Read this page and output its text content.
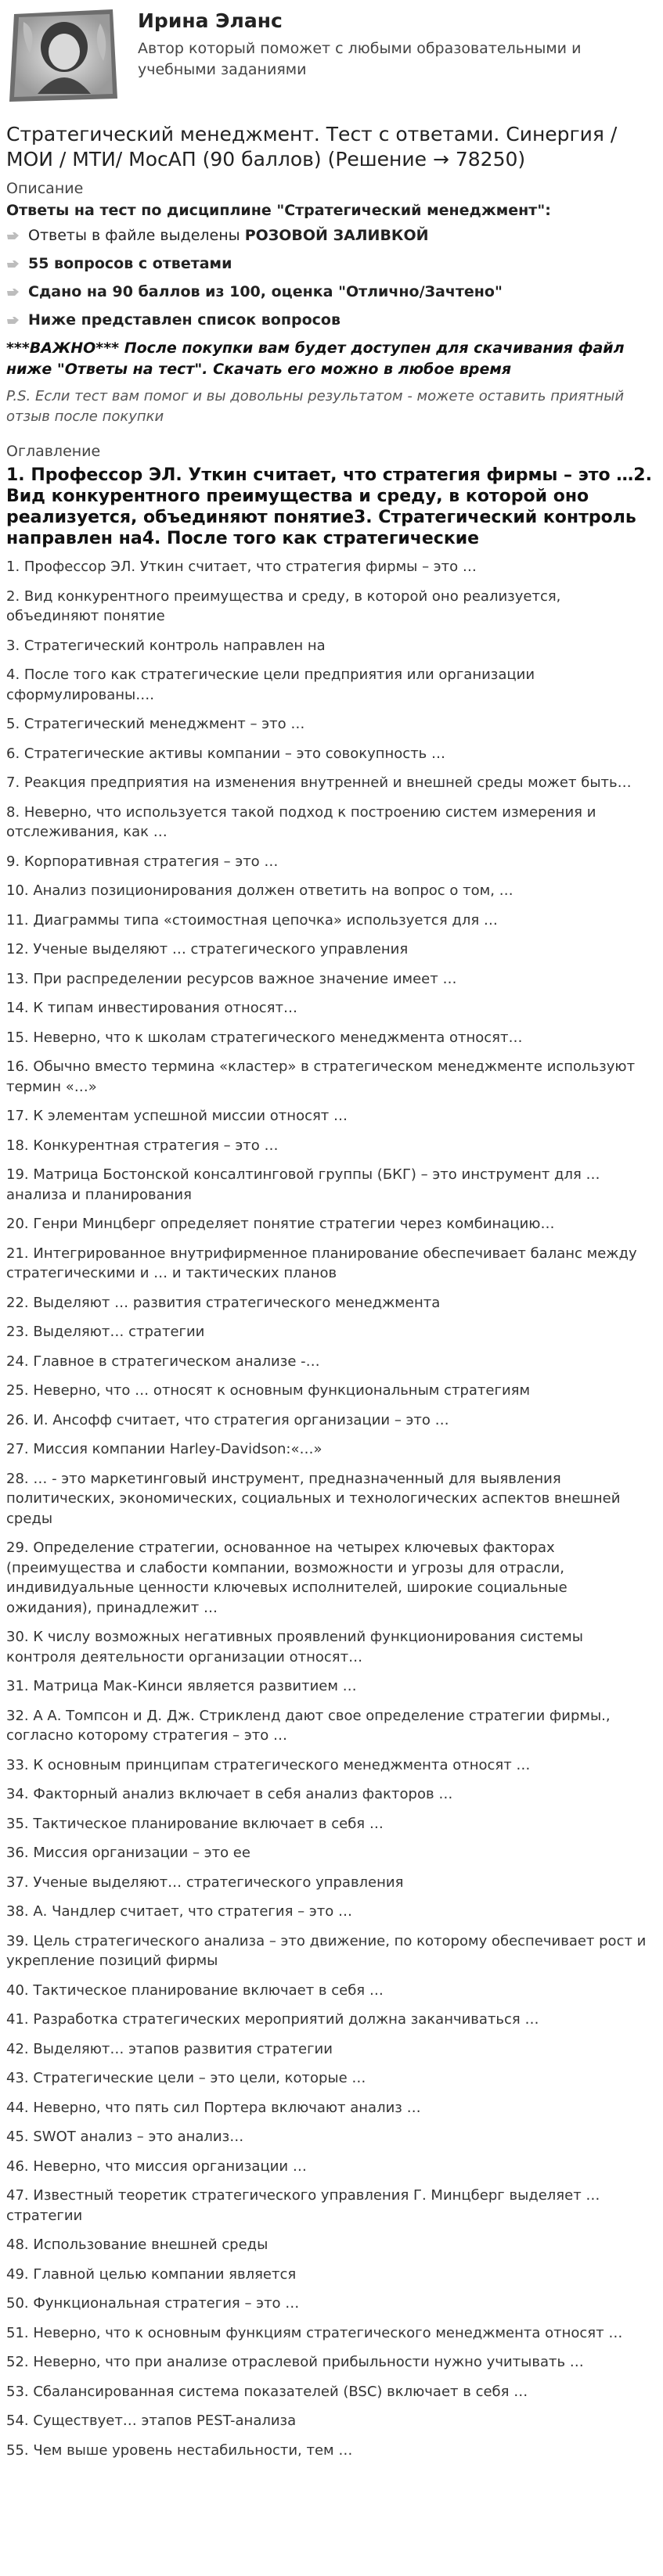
Ирина Эланс
Автор который поможет с любыми образовательными и учебными заданиями
Стратегический менеджмент. Тест с ответами. Синергия / МОИ / МТИ/ МосАП (90 баллов) (Решение → 78250)
Описание
Ответы на тест по дисциплине "Стратегический менеджмент":
Ответы в файле выделены РОЗОВОЙ ЗАЛИВКОЙ
55 вопросов с ответами
Сдано на 90 баллов из 100, оценка "Отлично/Зачтено"
Ниже представлен список вопросов
***ВАЖНО*** После покупки вам будет доступен для скачивания файл ниже "Ответы на тест". Скачать его можно в любое время
P.S. Если тест вам помог и вы довольны результатом - можете оставить приятный отзыв после покупки
Оглавление
1. Профессор ЭЛ. Уткин считает, что стратегия фирмы – это …2. Вид конкурентного преимущества и среду, в которой оно реализуется, объединяют понятие3. Стратегический контроль направлен на4. После того как стратегические
1. Профессор ЭЛ. Уткин считает, что стратегия фирмы – это …
2. Вид конкурентного преимущества и среду, в которой оно реализуется, объединяют понятие
3. Стратегический контроль направлен на
4. После того как стратегические цели предприятия или организации сформулированы….
5. Стратегический менеджмент – это …
6. Стратегические активы компании – это совокупность …
7. Реакция предприятия на изменения внутренней и внешней среды может быть…
8. Неверно, что используется такой подход к построению систем измерения и отслеживания, как …
9. Корпоративная стратегия – это …
10. Анализ позиционирования должен ответить на вопрос о том, …
11. Диаграммы типа «стоимостная цепочка» используется для …
12. Ученые выделяют … стратегического управления
13. При распределении ресурсов важное значение имеет …
14. К типам инвестирования относят…
15. Неверно, что к школам стратегического менеджмента относят…
16. Обычно вместо термина «кластер» в стратегическом менеджменте используют термин «…»
17. К элементам успешной миссии относят …
18. Конкурентная стратегия – это …
19. Матрица Бостонской консалтинговой группы (БКГ) – это инструмент для … анализа и планирования
20. Генри Минцберг определяет понятие стратегии через комбинацию…
21. Интегрированное внутрифирменное планирование обеспечивает баланс между стратегическими и … и тактических планов
22. Выделяют … развития стратегического менеджмента
23. Выделяют… стратегии
24. Главное в стратегическом анализе -…
25. Неверно, что … относят к основным функциональным стратегиям
26. И. Ансофф считает, что стратегия организации – это …
27. Миссия компании Harley-Davidson:«…»
28. … - это маркетинговый инструмент, предназначенный для выявления политических, экономических, социальных и технологических аспектов внешней среды
29. Определение стратегии, основанное на четырех ключевых факторах (преимущества и слабости компании, возможности и угрозы для отрасли, индивидуальные ценности ключевых исполнителей, широкие социальные ожидания), принадлежит …
30. К числу возможных негативных проявлений функционирования системы контроля деятельности организации относят…
31. Матрица Мак-Кинси является развитием …
32. А А. Томпсон и Д. Дж. Стрикленд дают свое определение стратегии фирмы., согласно которому стратегия – это …
33. К основным принципам стратегического менеджмента относят …
34. Факторный анализ включает в себя анализ факторов …
35. Тактическое планирование включает в себя …
36. Миссия организации – это ее
37. Ученые выделяют… стратегического управления
38. А. Чандлер считает, что стратегия – это …
39. Цель стратегического анализа – это движение, по которому обеспечивает рост и укрепление позиций фирмы
40. Тактическое планирование включает в себя …
41. Разработка стратегических мероприятий должна заканчиваться …
42. Выделяют… этапов развития стратегии
43. Стратегические цели – это цели, которые …
44. Неверно, что пять сил Портера включают анализ …
45. SWOT анализ – это анализ…
46. Неверно, что миссия организации …
47. Известный теоретик стратегического управления Г. Минцберг выделяет … стратегии
48. Использование внешней среды
49. Главной целью компании является
50. Функциональная стратегия – это …
51. Неверно, что к основным функциям стратегического менеджмента относят …
52. Неверно, что при анализе отраслевой прибыльности нужно учитывать …
53. Сбалансированная система показателей (BSC) включает в себя …
54. Существует… этапов PEST-анализа
55. Чем выше уровень нестабильности, тем …
